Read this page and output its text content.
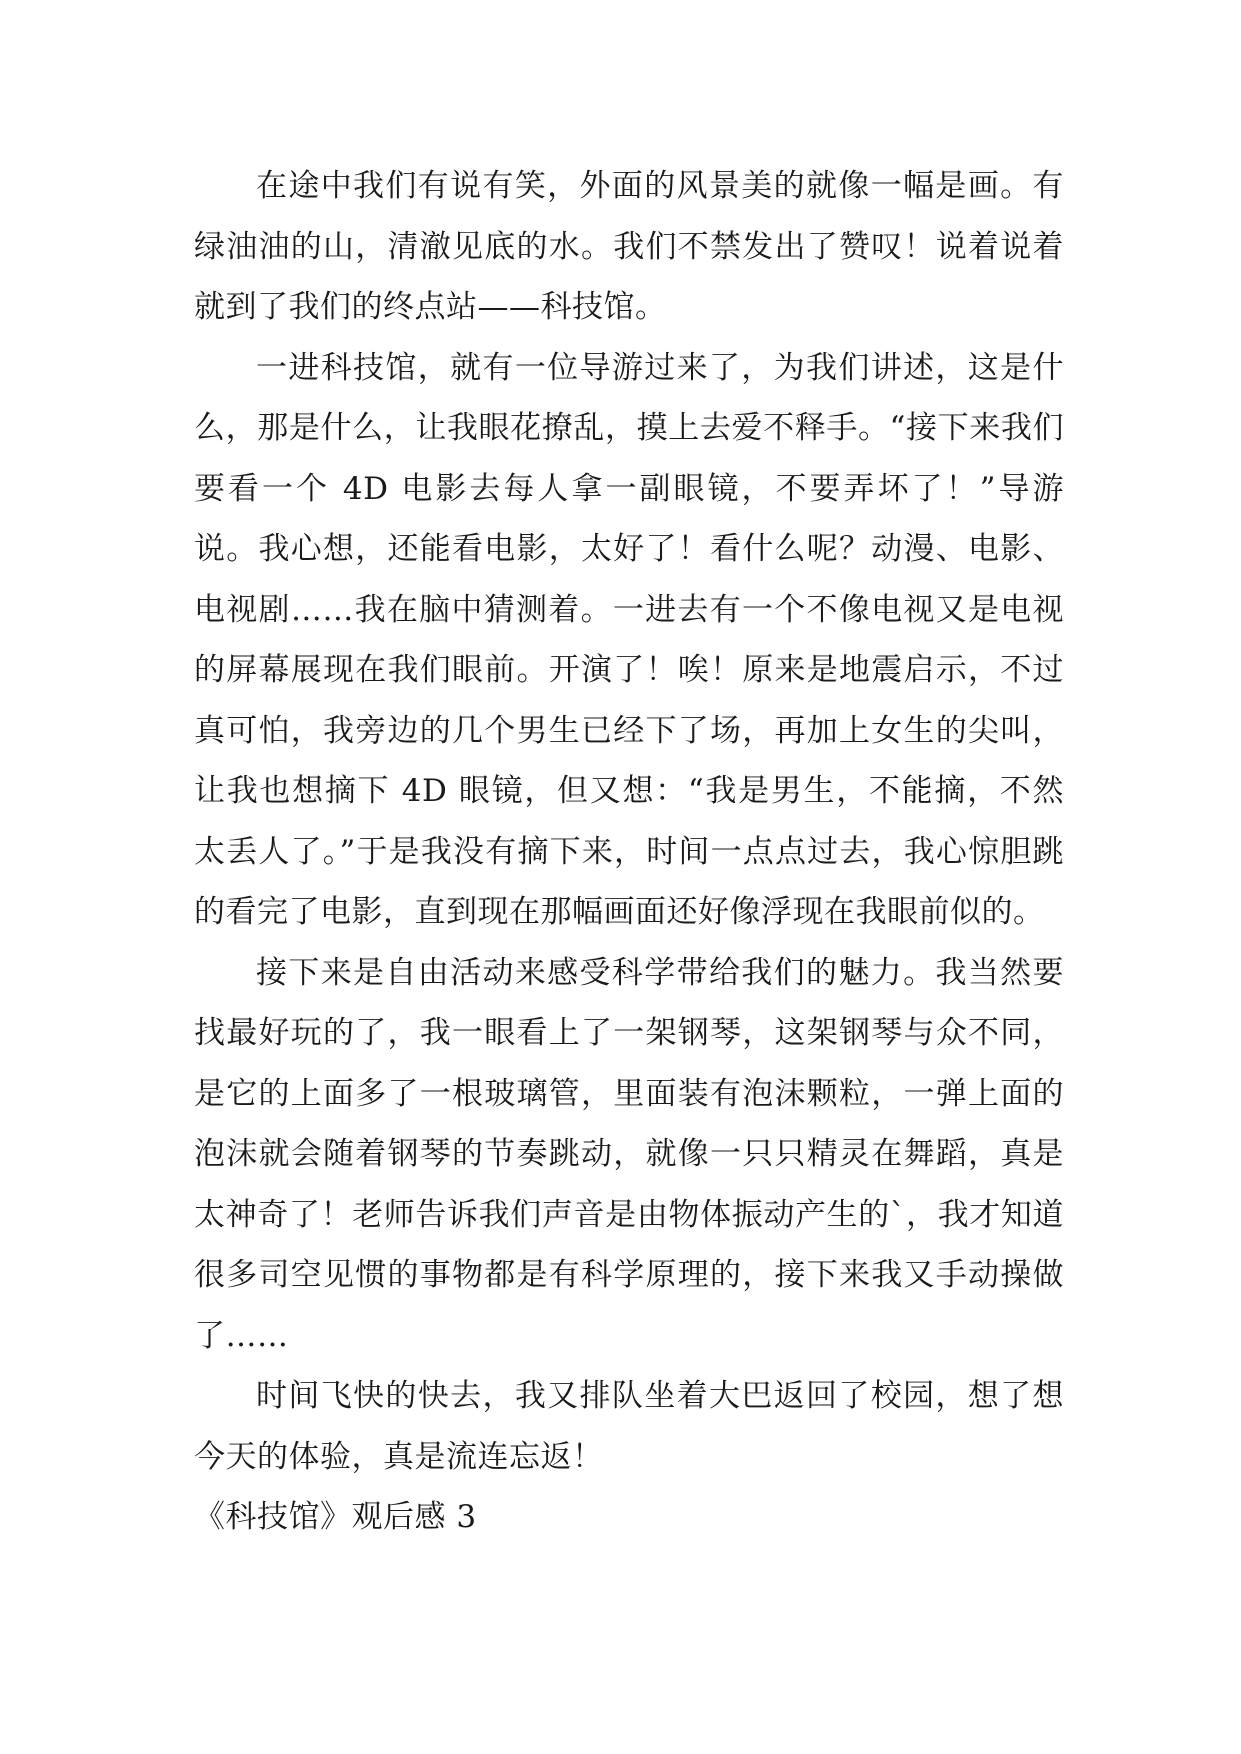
在途中我们有说有笑，外面的风景美的就像一幅是画。有绿油油的山，清澈见底的水。我们不禁发出了赞叹！说着说着就到了我们的终点站——科技馆。

一进科技馆，就有一位导游过来了，为我们讲述，这是什么，那是什么，让我眼花撩乱，摸上去爱不释手。“接下来我们要看一个 4D 电影去每人拿一副眼镜，不要弄坏了！”导游说。我心想，还能看电影，太好了！看什么呢？动漫、电影、电视剧……我在脑中猜测着。一进去有一个不像电视又是电视的屏幕展现在我们眼前。开演了！唉！原来是地震启示，不过真可怕，我旁边的几个男生已经下了场，再加上女生的尖叫，让我也想摘下 4D 眼镜，但又想：“我是男生，不能摘，不然太丢人了。”于是我没有摘下来，时间一点点过去，我心惊胆跳的看完了电影，直到现在那幅画面还好像浮现在我眼前似的。

接下来是自由活动来感受科学带给我们的魅力。我当然要找最好玩的了，我一眼看上了一架钢琴，这架钢琴与众不同，是它的上面多了一根玻璃管，里面装有泡沫颗粒，一弹上面的泡沫就会随着钢琴的节奏跳动，就像一只只精灵在舞蹈，真是太神奇了！老师告诉我们声音是由物体振动产生的`，我才知道很多司空见惯的事物都是有科学原理的，接下来我又手动操做了……

时间飞快的快去，我又排队坐着大巴返回了校园，想了想今天的体验，真是流连忘返！

《科技馆》观后感 3
